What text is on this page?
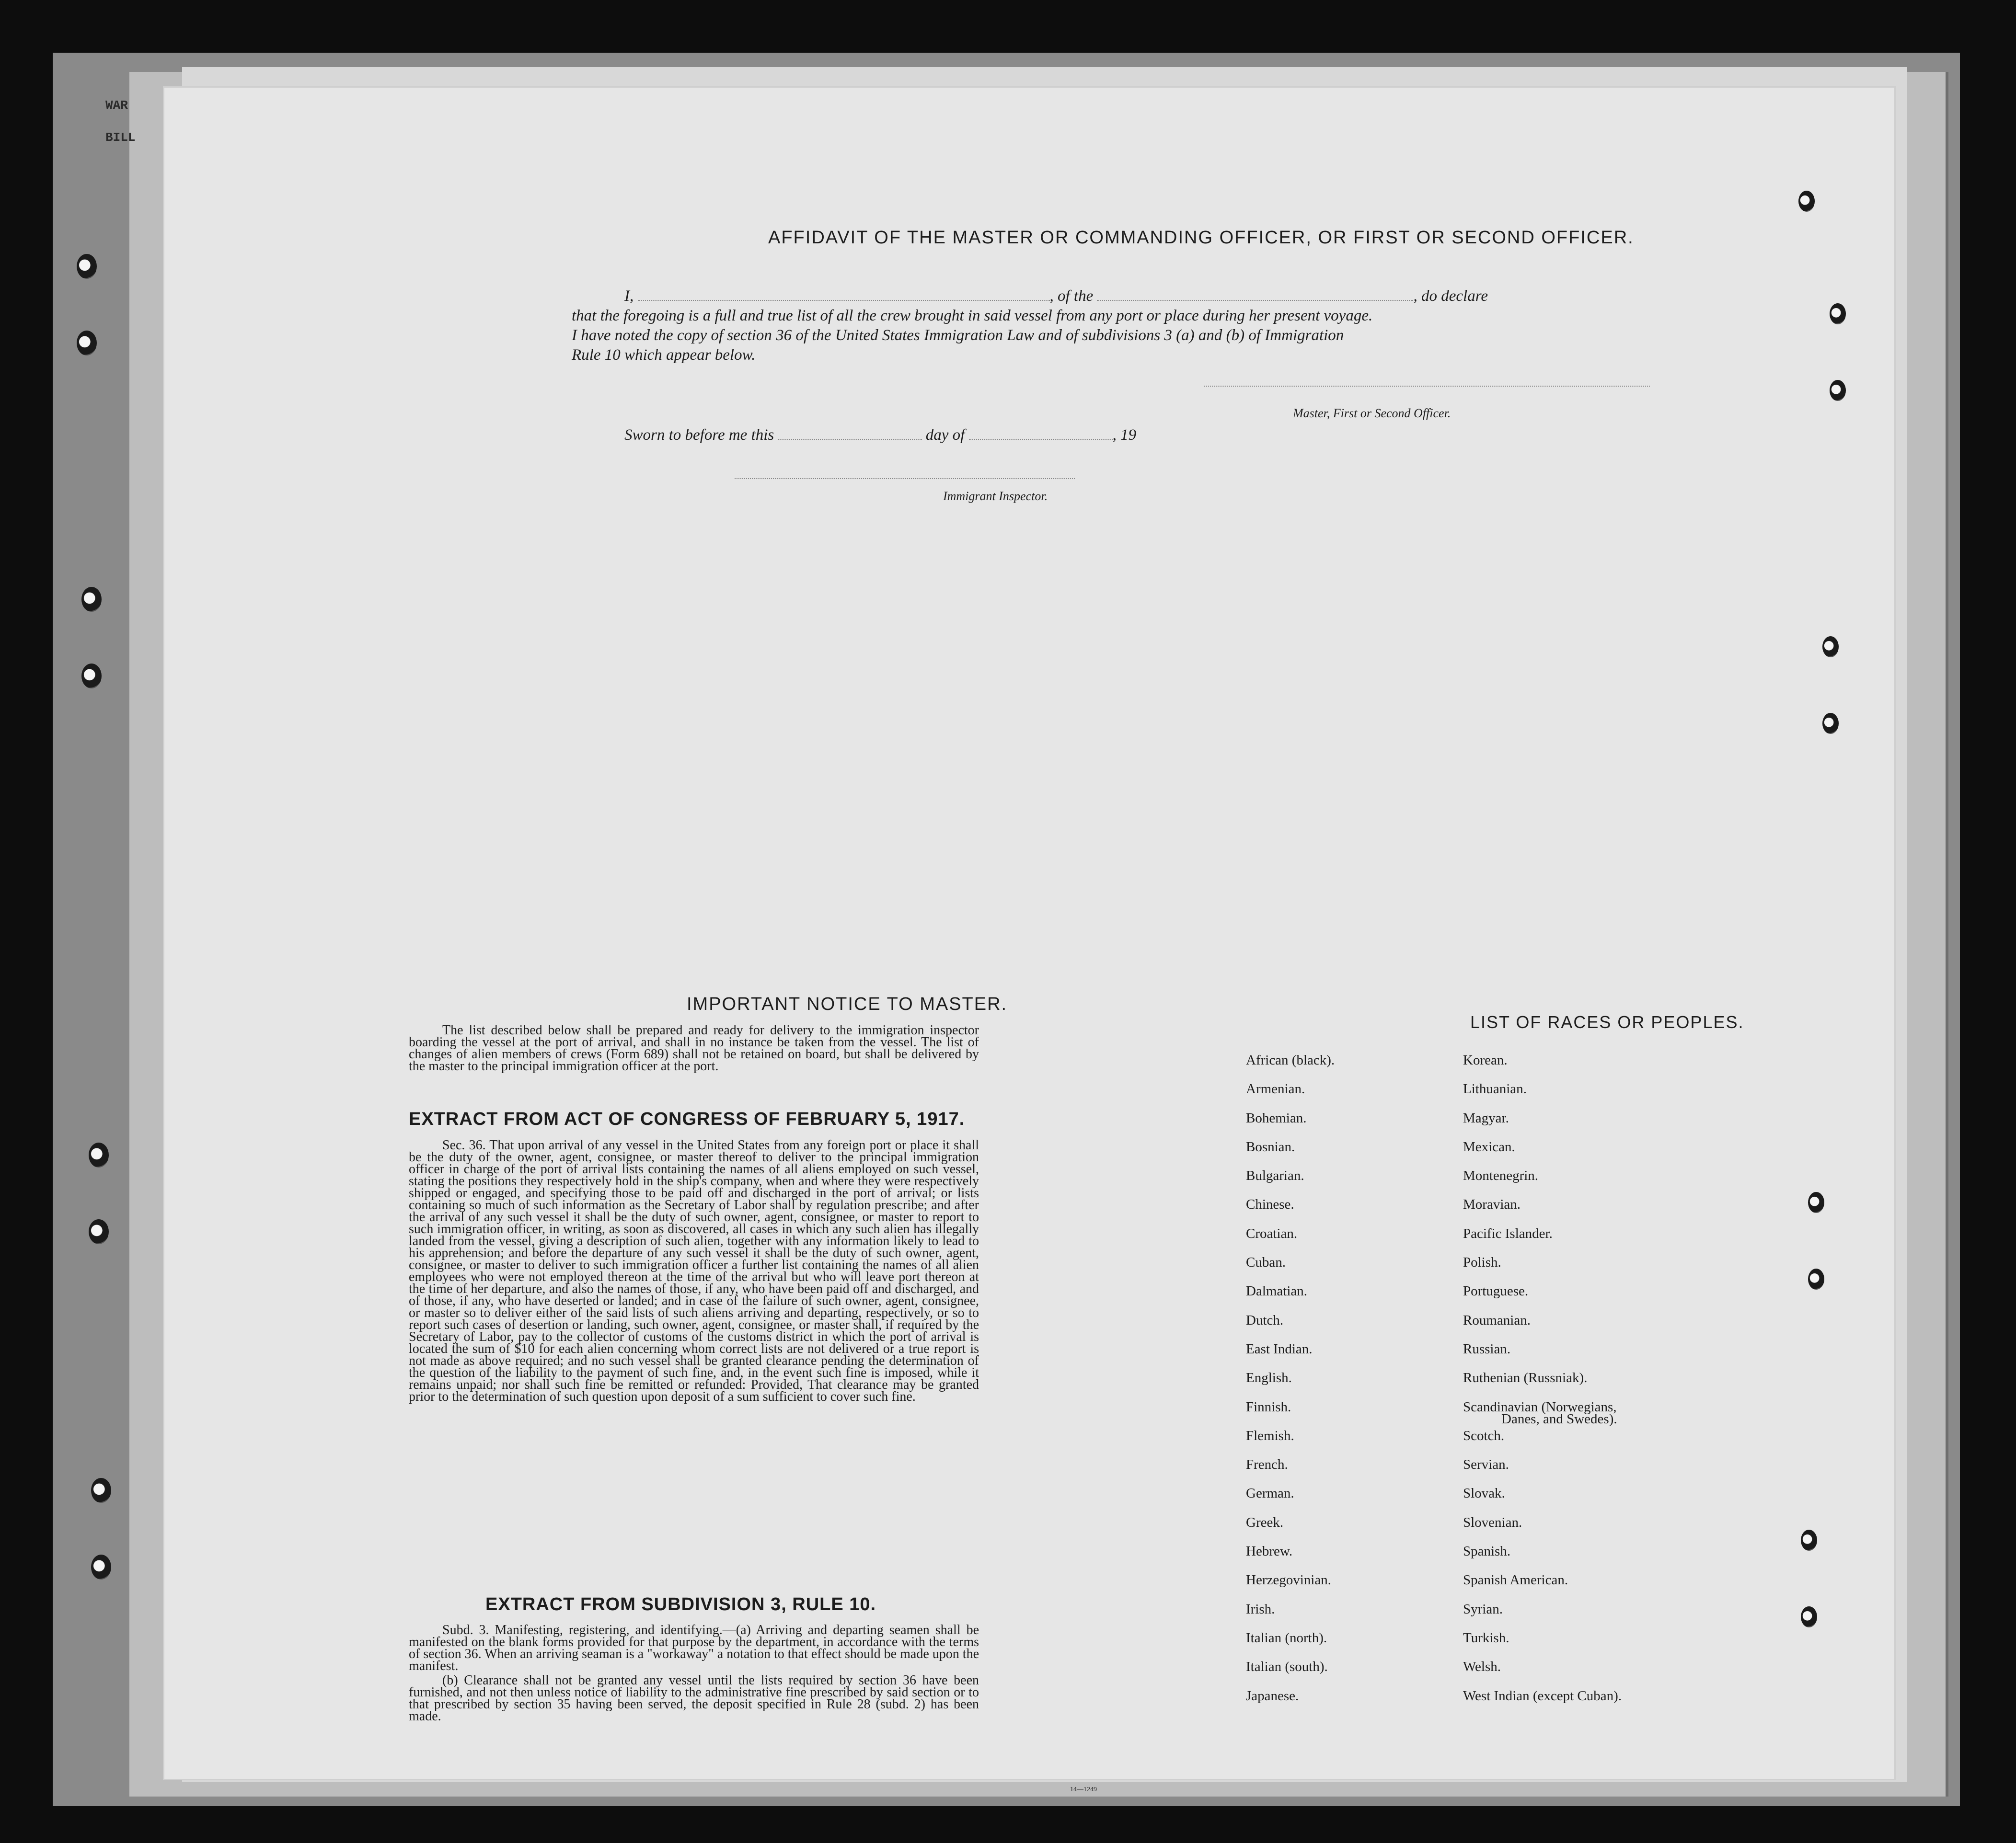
WAR
BILL
AFFIDAVIT OF THE MASTER OR COMMANDING OFFICER, OR FIRST OR SECOND OFFICER.
I,	, of the	, do declare
that the foregoing is a full and true list of all the crew brought in said vessel from any port or place during her present voyage.
I have noted the copy of section 36 of the United States Immigration Law and of subdivisions 3 (a) and (b) of Immigration
Rule 10 which appear below.
Master, First or Second Officer.
Sworn to before me this	day of	, 19
Immigrant Inspector.
IMPORTANT NOTICE TO MASTER.
The list described below shall be prepared and ready for delivery to the immigration inspector boarding the vessel at the port of arrival, and shall in no instance be taken from the vessel. The list of changes of alien members of crews (Form 689) shall not be retained on board, but shall be delivered by the master to the principal immigration officer at the port.
EXTRACT FROM ACT OF CONGRESS OF FEBRUARY 5, 1917.
Sec. 36. That upon arrival of any vessel in the United States from any foreign port or place it shall be the duty of the owner, agent, consignee, or master thereof to deliver to the principal immigration officer in charge of the port of arrival lists containing the names of all aliens employed on such vessel, stating the positions they respectively hold in the ship's company, when and where they were respectively shipped or engaged, and specifying those to be paid off and discharged in the port of arrival; or lists containing so much of such information as the Secretary of Labor shall by regulation prescribe; and after the arrival of any such vessel it shall be the duty of such owner, agent, consignee, or master to report to such immigration officer, in writing, as soon as discovered, all cases in which any such alien has illegally landed from the vessel, giving a description of such alien, together with any information likely to lead to his apprehension; and before the departure of any such vessel it shall be the duty of such owner, agent, consignee, or master to deliver to such immigration officer a further list containing the names of all alien employees who were not employed thereon at the time of the arrival but who will leave port thereon at the time of her departure, and also the names of those, if any, who have been paid off and discharged, and of those, if any, who have deserted or landed; and in case of the failure of such owner, agent, consignee, or master so to deliver either of the said lists of such aliens arriving and departing, respectively, or so to report such cases of desertion or landing, such owner, agent, consignee, or master shall, if required by the Secretary of Labor, pay to the collector of customs of the customs district in which the port of arrival is located the sum of $10 for each alien concerning whom correct lists are not delivered or a true report is not made as above required; and no such vessel shall be granted clearance pending the determination of the question of the liability to the payment of such fine, and, in the event such fine is imposed, while it remains unpaid; nor shall such fine be remitted or refunded: Provided, That clearance may be granted prior to the determination of such question upon deposit of a sum sufficient to cover such fine.
EXTRACT FROM SUBDIVISION 3, RULE 10.
Subd. 3. Manifesting, registering, and identifying.—(a) Arriving and departing seamen shall be manifested on the blank forms provided for that purpose by the department, in accordance with the terms of section 36. When an arriving seaman is a "workaway" a notation to that effect should be made upon the manifest.
(b) Clearance shall not be granted any vessel until the lists required by section 36 have been furnished, and not then unless notice of liability to the administrative fine prescribed by said section or to that prescribed by section 35 having been served, the deposit specified in Rule 28 (subd. 2) has been made.
14—1249
LIST OF RACES OR PEOPLES.
African (black).
Armenian.
Bohemian.
Bosnian.
Bulgarian.
Chinese.
Croatian.
Cuban.
Dalmatian.
Dutch.
East Indian.
English.
Finnish.
Flemish.
French.
German.
Greek.
Hebrew.
Herzegovinian.
Irish.
Italian (north).
Italian (south).
Japanese.
Korean.
Lithuanian.
Magyar.
Mexican.
Montenegrin.
Moravian.
Pacific Islander.
Polish.
Portuguese.
Roumanian.
Russian.
Ruthenian (Russniak).
Scandinavian (Norwegians,
Scotch.
Servian.
Slovak.
Slovenian.
Spanish.
Spanish American.
Syrian.
Turkish.
Welsh.
West Indian (except Cuban).
Danes, and Swedes).
